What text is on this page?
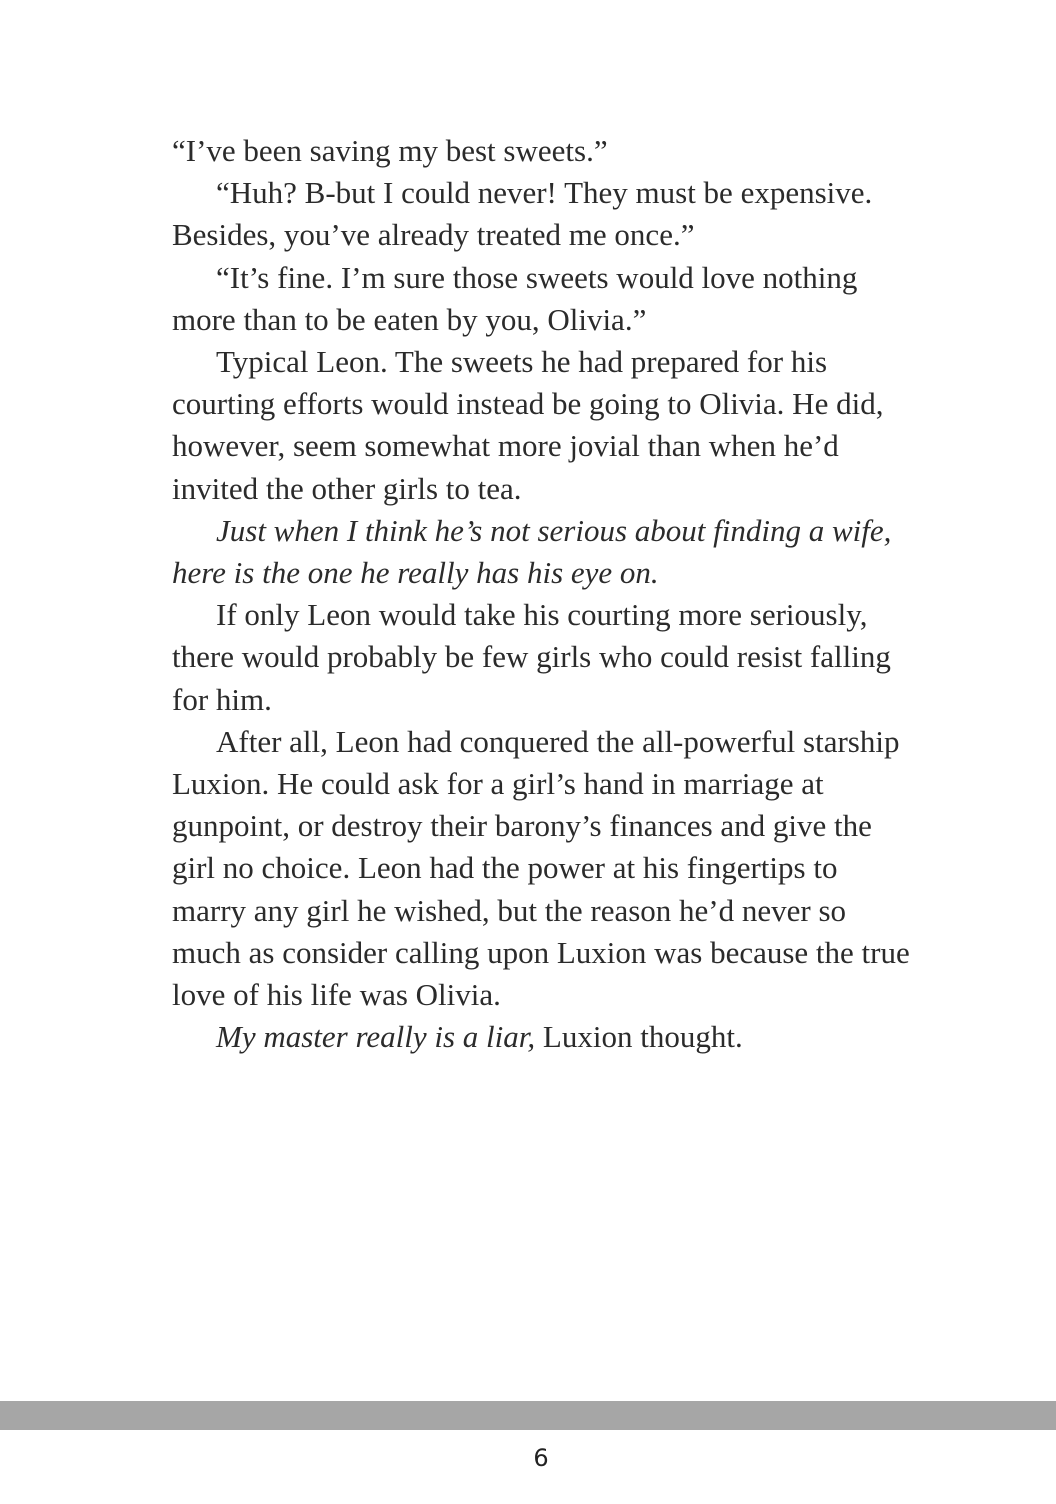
“I’ve been saving my best sweets.”

“Huh? B-but I could never! They must be expensive. Besides, you’ve already treated me once.”

“It’s fine. I’m sure those sweets would love nothing more than to be eaten by you, Olivia.”

Typical Leon. The sweets he had prepared for his courting efforts would instead be going to Olivia. He did, however, seem somewhat more jovial than when he’d invited the other girls to tea.

Just when I think he’s not serious about finding a wife, here is the one he really has his eye on.

If only Leon would take his courting more seriously, there would probably be few girls who could resist falling for him.

After all, Leon had conquered the all-powerful starship Luxion. He could ask for a girl’s hand in marriage at gunpoint, or destroy their barony’s finances and give the girl no choice. Leon had the power at his fingertips to marry any girl he wished, but the reason he’d never so much as consider calling upon Luxion was because the true love of his life was Olivia.

My master really is a liar, Luxion thought.

6
